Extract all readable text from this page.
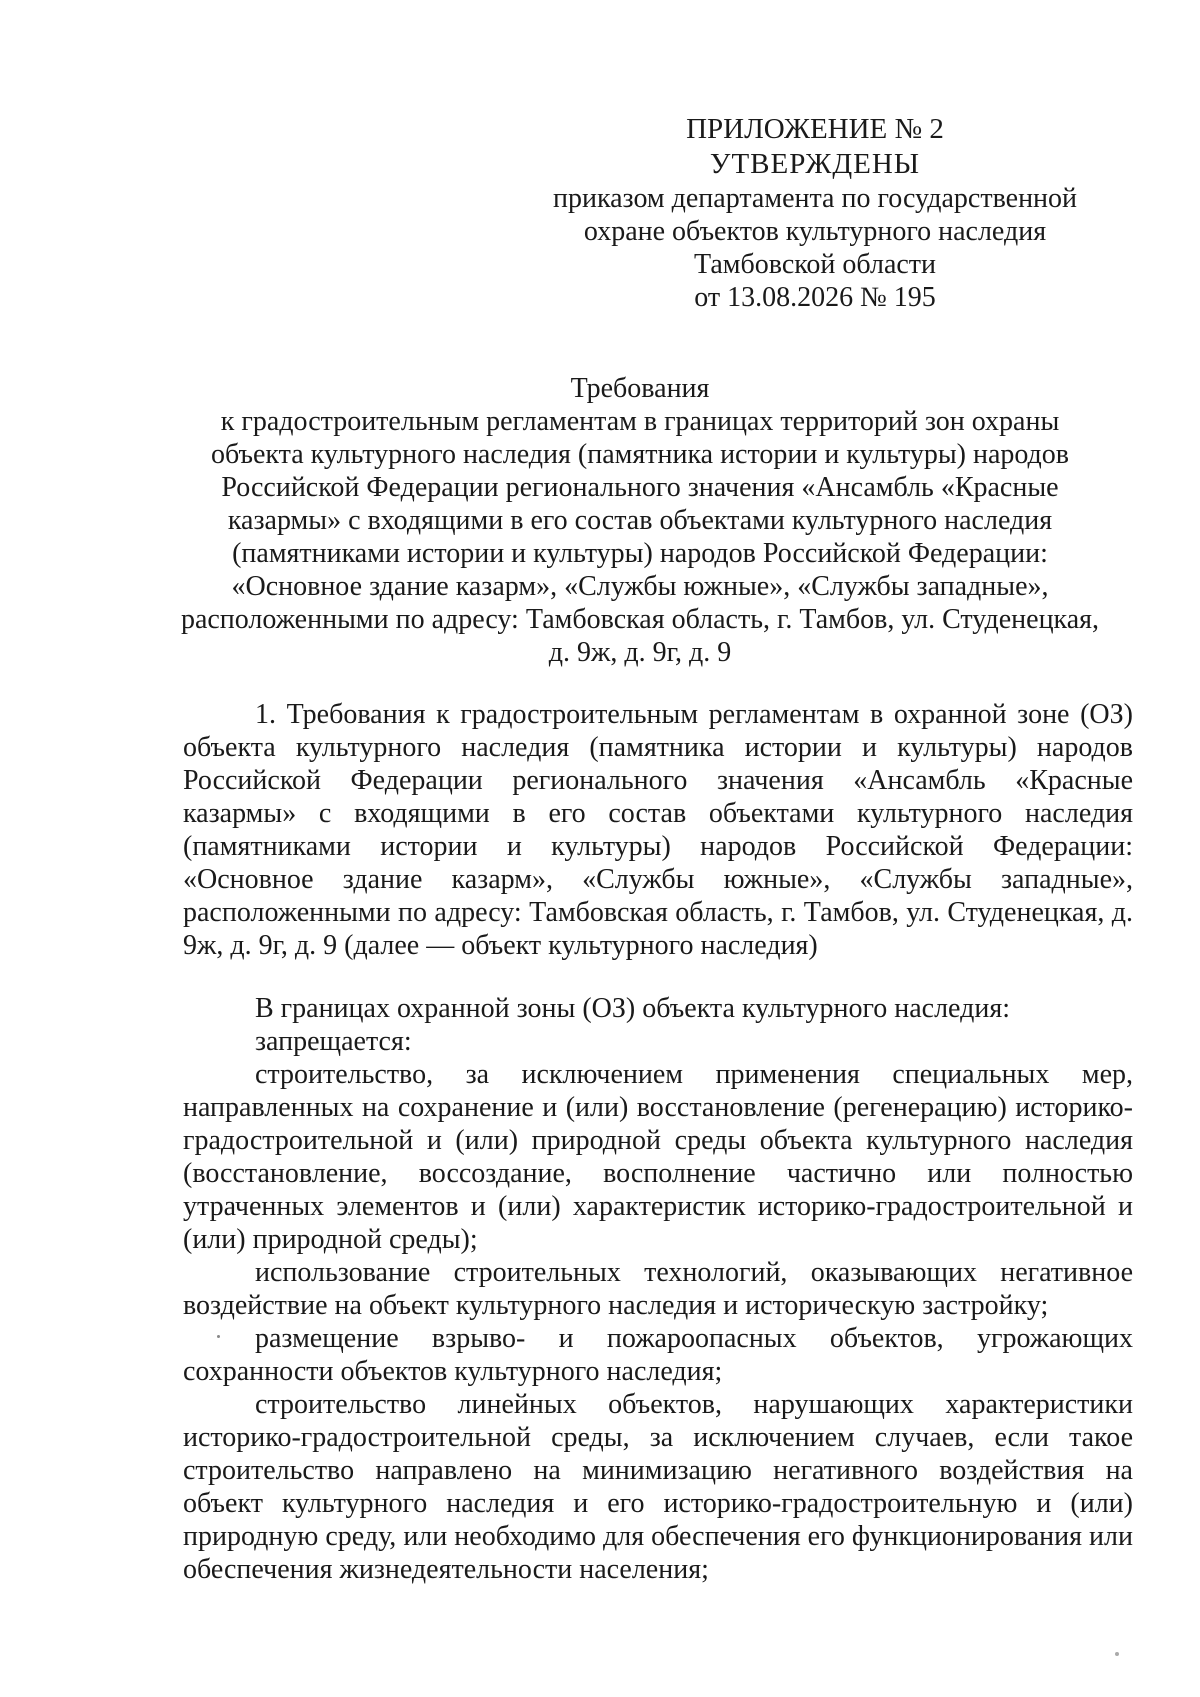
ПРИЛОЖЕНИЕ № 2
УТВЕРЖДЕНЫ
приказом департамента по государственной
охране объектов культурного наследия
Тамбовской области
от 13.08.2026 № 195
Требования
к градостроительным регламентам в границах территорий зон охраны
объекта культурного наследия (памятника истории и культуры) народов
Российской Федерации регионального значения «Ансамбль «Красные
казармы» с входящими в его состав объектами культурного наследия
(памятниками истории и культуры) народов Российской Федерации:
«Основное здание казарм», «Службы южные», «Службы западные»,
расположенными по адресу: Тамбовская область, г. Тамбов, ул. Студенецкая,
д. 9ж, д. 9г, д. 9

1. Требования к градостроительным регламентам в охранной зоне (ОЗ) объекта культурного наследия (памятника истории и культуры) народов Российской Федерации регионального значения «Ансамбль «Красные казармы» с входящими в его состав объектами культурного наследия (памятниками истории и культуры) народов Российской Федерации: «Основное здание казарм», «Службы южные», «Службы западные», расположенными по адресу: Тамбовская область, г. Тамбов, ул. Студенецкая, д. 9ж, д. 9г, д. 9 (далее — объект культурного наследия)

В границах охранной зоны (ОЗ) объекта культурного наследия:

запрещается:

строительство, за исключением применения специальных мер, направленных на сохранение и (или) восстановление (регенерацию) историко-градостроительной и (или) природной среды объекта культурного наследия (восстановление, воссоздание, восполнение частично или полностью утраченных элементов и (или) характеристик историко-градостроительной и (или) природной среды);

использование строительных технологий, оказывающих негативное воздействие на объект культурного наследия и историческую застройку;

размещение взрыво- и пожароопасных объектов, угрожающих сохранности объектов культурного наследия;

строительство линейных объектов, нарушающих характеристики историко-градостроительной среды, за исключением случаев, если такое строительство направлено на минимизацию негативного воздействия на объект культурного наследия и его историко-градостроительную и (или) природную среду, или необходимо для обеспечения его функционирования или обеспечения жизнедеятельности населения;
